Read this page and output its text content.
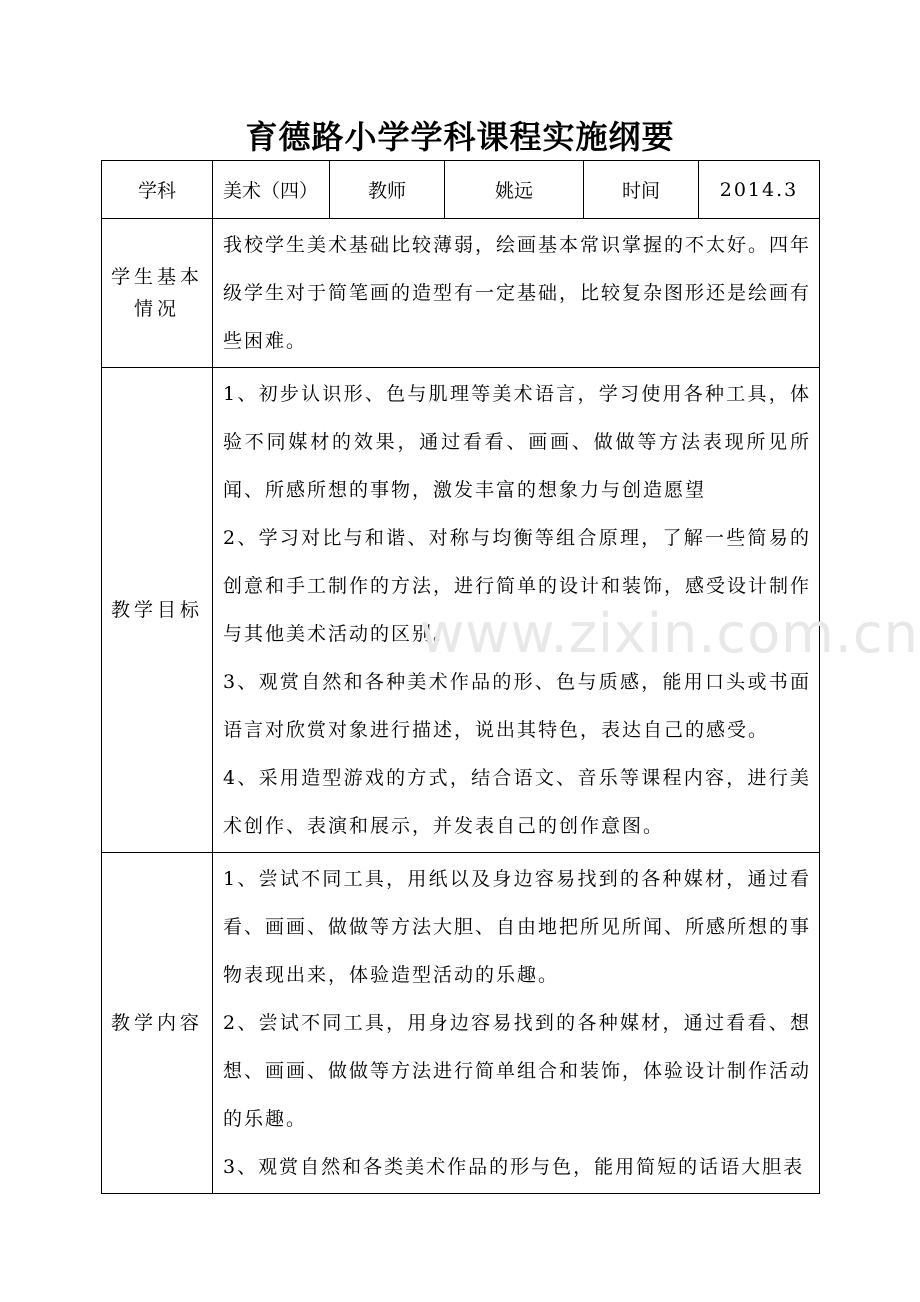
育德路小学学科课程实施纲要
学科	美术（四）	教师	姚远	时间	2014.3
学生基本情况	我校学生美术基础比较薄弱，绘画基本常识掌握的不太好。四年级学生对于简笔画的造型有一定基础，比较复杂图形还是绘画有些困难。				

教学目标	1、初步认识形、色与肌理等美术语言，学习使用各种工具，体验不同媒材的效果，通过看看、画画、做做等方法表现所见所闻、所感所想的事物，激发丰富的想象力与创造愿望

2、学习对比与和谐、对称与均衡等组合原理，了解一些简易的创意和手工制作的方法，进行简单的设计和装饰，感受设计制作与其他美术活动的区别。

3、观赏自然和各种美术作品的形、色与质感，能用口头或书面语言对欣赏对象进行描述，说出其特色，表达自己的感受。

4、采用造型游戏的方式，结合语文、音乐等课程内容，进行美术创作、表演和展示，并发表自己的创作意图。				

教学内容	1、尝试不同工具，用纸以及身边容易找到的各种媒材，通过看看、画画、做做等方法大胆、自由地把所见所闻、所感所想的事物表现出来，体验造型活动的乐趣。

2、尝试不同工具，用身边容易找到的各种媒材，通过看看、想想、画画、做做等方法进行简单组合和装饰，体验设计制作活动的乐趣。

3、观赏自然和各类美术作品的形与色，能用简短的话语大胆表				

www.zixin.com.cn
